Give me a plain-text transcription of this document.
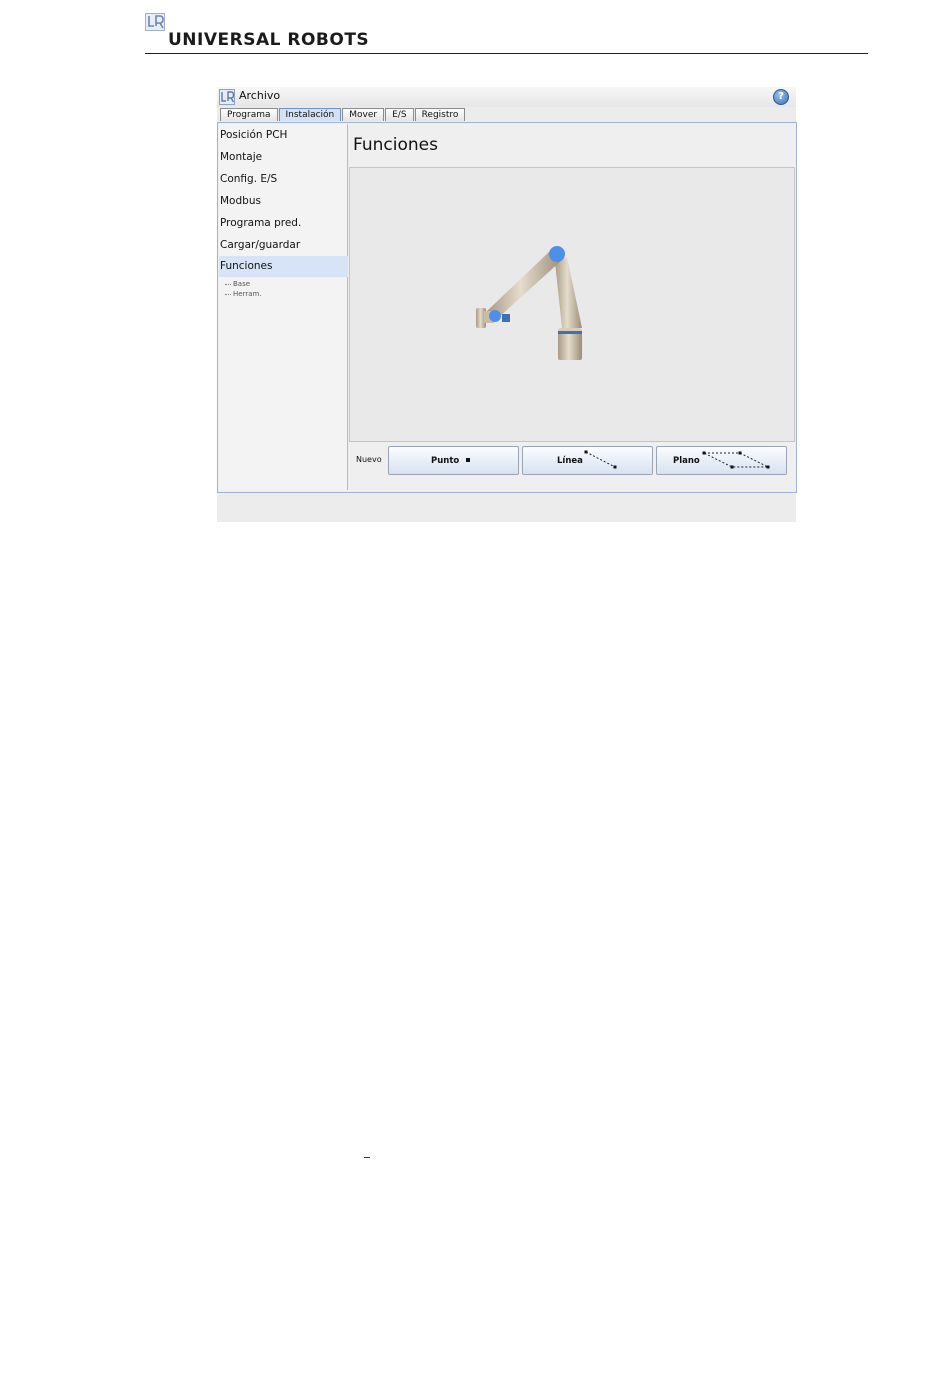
UNIVERSAL ROBOTS
Archivo	?
Programa	Instalación	Mover	E/S	Registro
Posición PCH
Montaje
Config. E/S
Modbus
Programa pred.
Cargar/guardar
Funciones
Base
Herram.
Funciones
Nuevo	Punto	Línea	Plano
